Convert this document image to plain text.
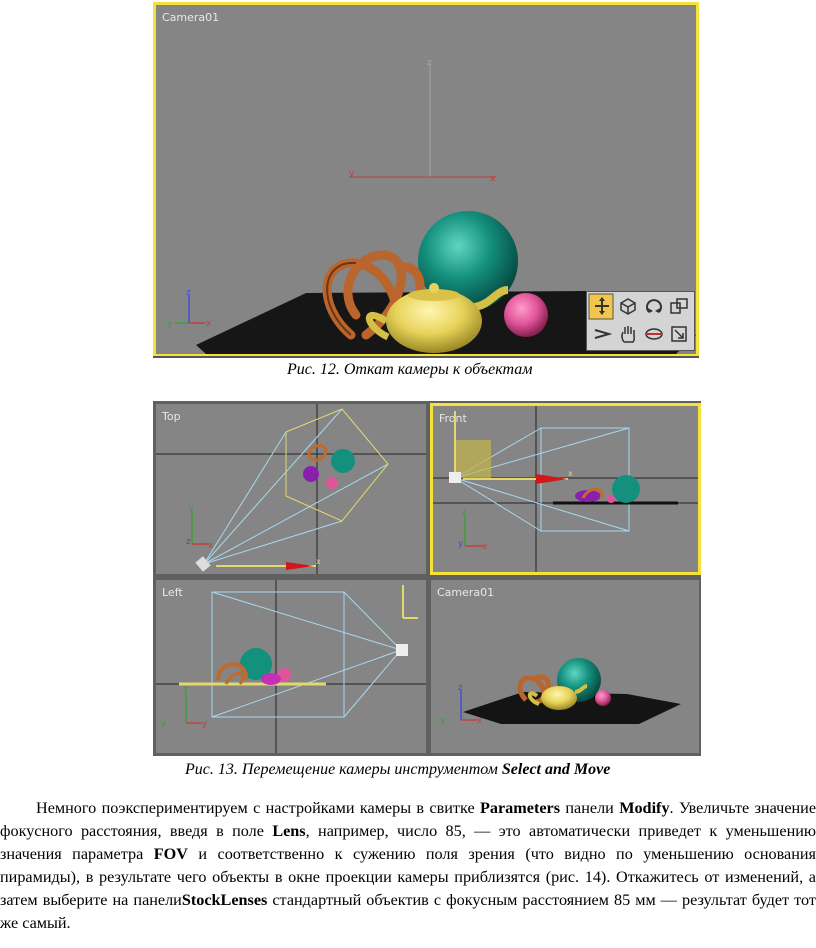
Camera01
z
y	x
z
x
y
Рис. 12. Откат камеры к объектам
Top
x
y
x
z
Front
x
z
x
y
Left
z
y
y
Camera01
z
x
y
Рис. 13. Перемещение камеры инструментом Select and Move

Немного поэкспериментируем с настройками камеры в свитке Parameters панели Modify. Увеличьте значение фокусного расстояния, введя в поле Lens, например, число 85, — это автоматически приведет к уменьшению значения параметра FOV и соответственно к сужению поля зрения (что видно по уменьшению основания пирамиды), в результате чего объекты в окне проекции камеры приблизятся (рис. 14). Откажитесь от изменений, а затем выберите на панелиStockLenses стандартный объектив с фокусным расстоянием 85 мм — результат будет тот же самый.
